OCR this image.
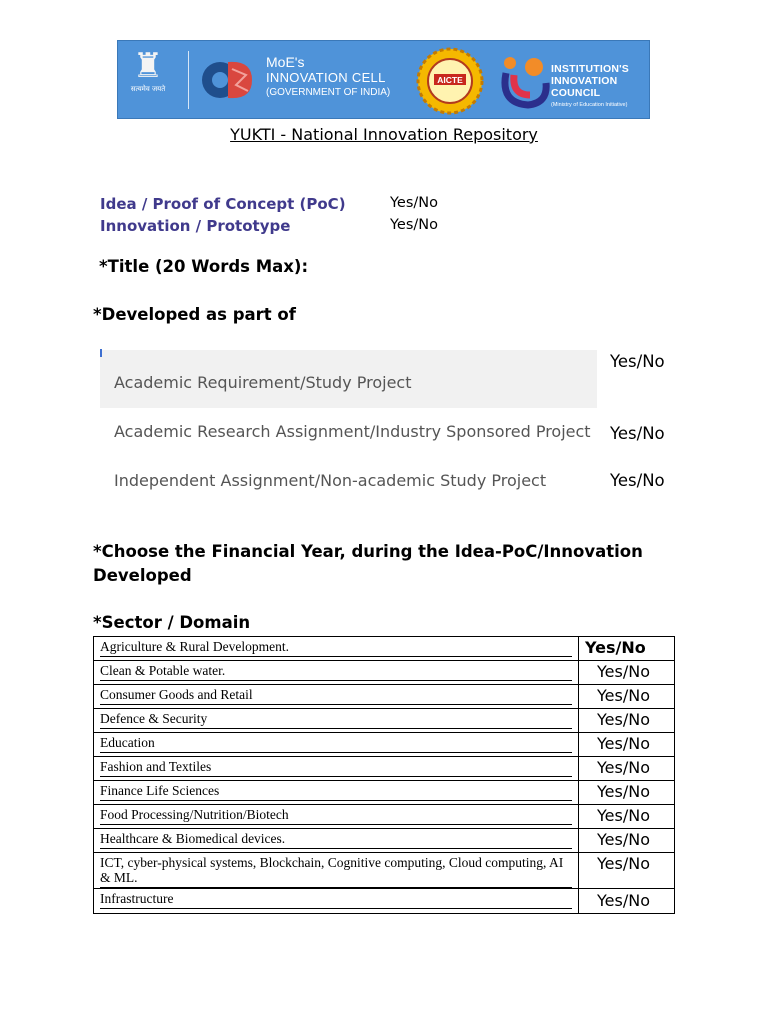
♜
सत्यमेव जयते
MoE's
INNOVATION CELL
(GOVERNMENT OF INDIA)
AICTE
INSTITUTION'S
INNOVATION
COUNCIL
(Ministry of Education Initiative)
YUKTI - National Innovation Repository
Idea / Proof of Concept (PoC)	Yes/No
Innovation / Prototype	Yes/No
*Title (20 Words Max):
*Developed as part of
Academic Requirement/Study Project
Yes/No
Academic Research Assignment/Industry Sponsored Project Yes/No
Independent Assignment/Non-academic Study Project	Yes/No
*Choose the Financial Year, during the Idea-PoC/Innovation
Developed
*Sector / Domain
Agriculture & Rural Development.	Yes/No

Clean & Potable water.	Yes/No

Consumer Goods and Retail	Yes/No

Defence & Security	Yes/No

Education	Yes/No

Fashion and Textiles	Yes/No

Finance Life Sciences	Yes/No

Food Processing/Nutrition/Biotech	Yes/No

Healthcare & Biomedical devices.	Yes/No

ICT, cyber-physical systems, Blockchain, Cognitive computing, Cloud computing, AI & ML.	Yes/No

Infrastructure	Yes/No
